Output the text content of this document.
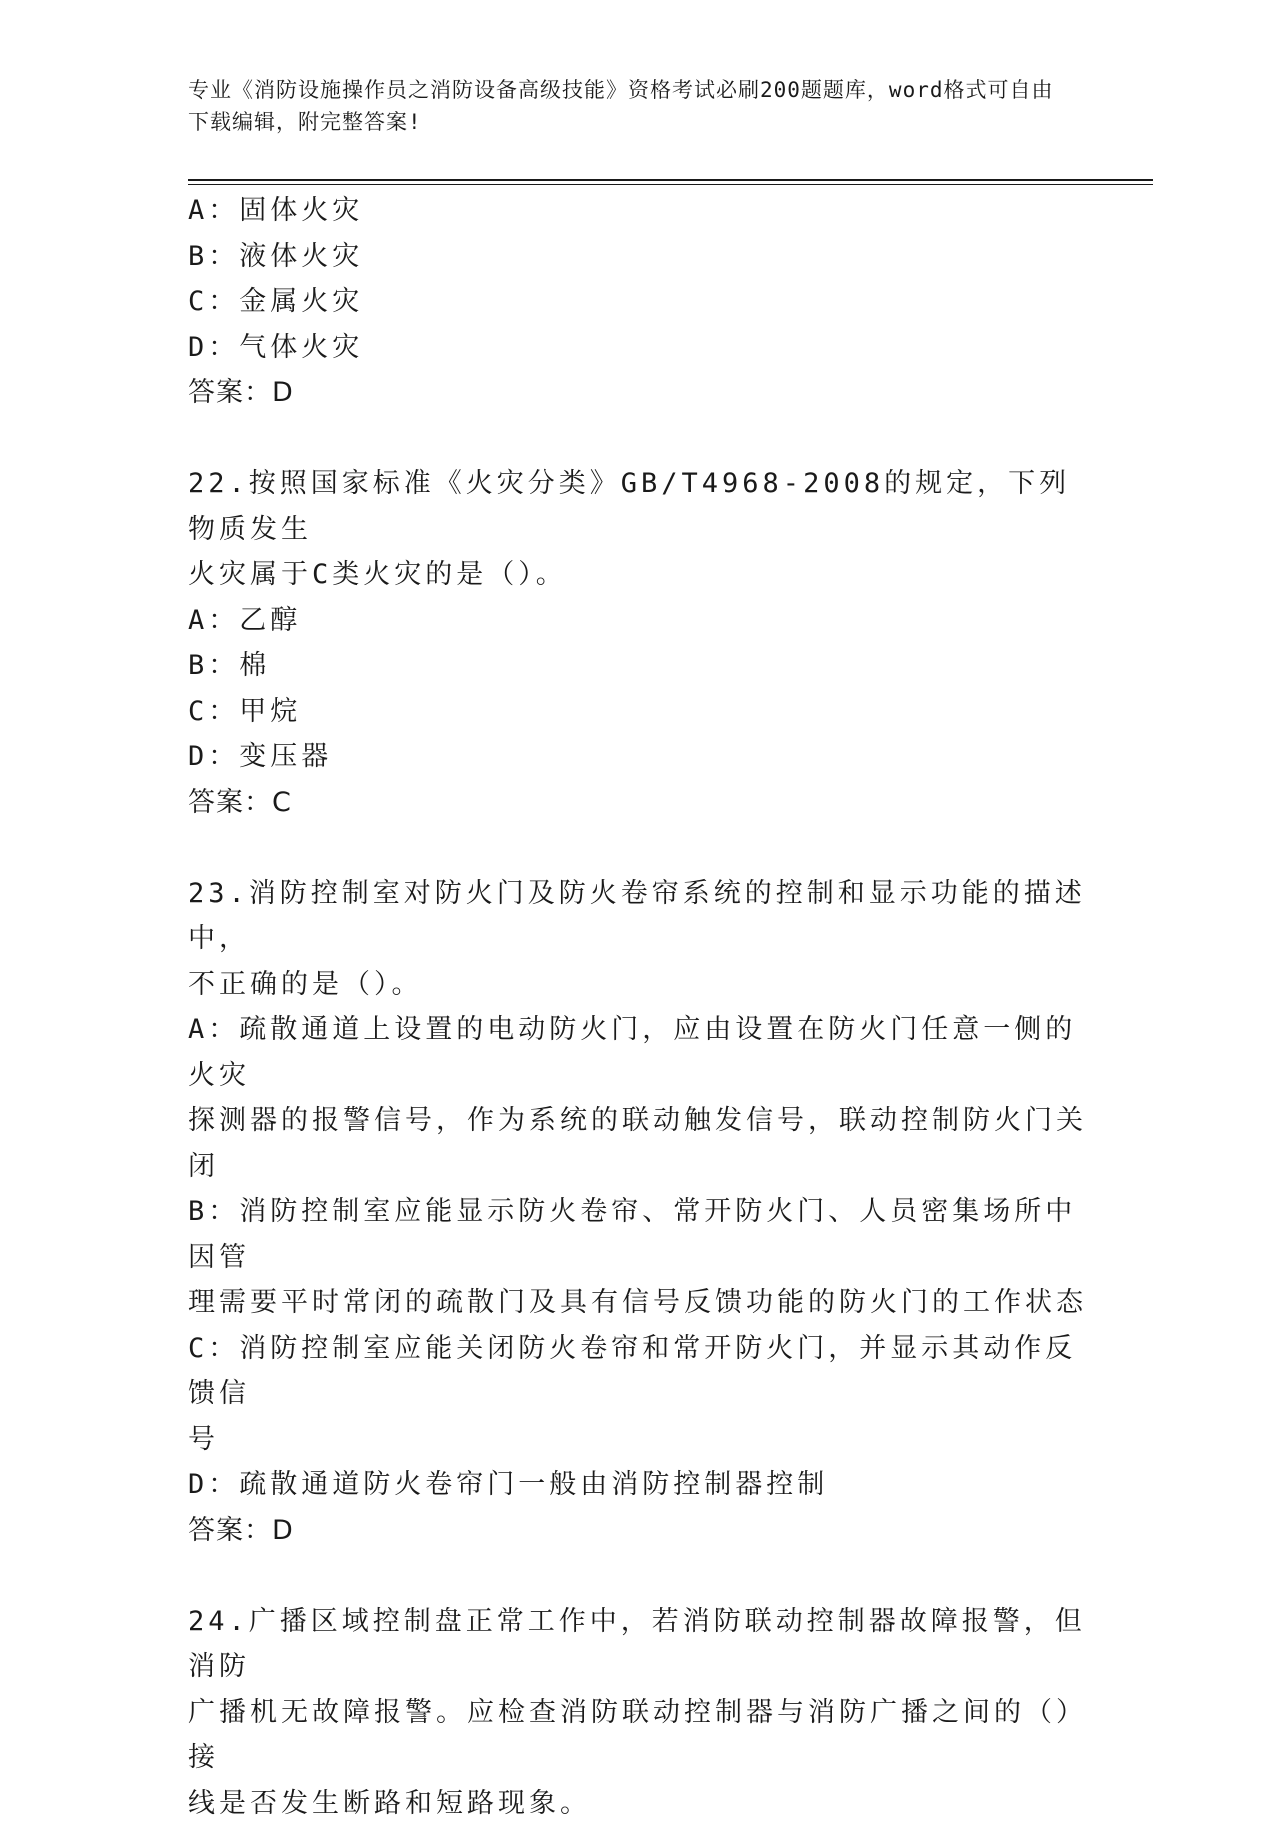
专业《消防设施操作员之消防设备高级技能》资格考试必刷200题题库，word格式可自由下载编辑，附完整答案!
A：固体火灾
B：液体火灾
C：金属火灾
D：气体火灾
答案：D
22.按照国家标准《火灾分类》GB/T4968-2008的规定，下列物质发生
火灾属于C类火灾的是（）。
A：乙醇
B：棉
C：甲烷
D：变压器
答案：C
23.消防控制室对防火门及防火卷帘系统的控制和显示功能的描述中，
不正确的是（）。
A：疏散通道上设置的电动防火门，应由设置在防火门任意一侧的火灾
探测器的报警信号，作为系统的联动触发信号，联动控制防火门关闭
B：消防控制室应能显示防火卷帘、常开防火门、人员密集场所中因管
理需要平时常闭的疏散门及具有信号反馈功能的防火门的工作状态
C：消防控制室应能关闭防火卷帘和常开防火门，并显示其动作反馈信
号
D：疏散通道防火卷帘门一般由消防控制器控制
答案：D
24.广播区域控制盘正常工作中，若消防联动控制器故障报警，但消防
广播机无故障报警。应检查消防联动控制器与消防广播之间的（）接
线是否发生断路和短路现象。
